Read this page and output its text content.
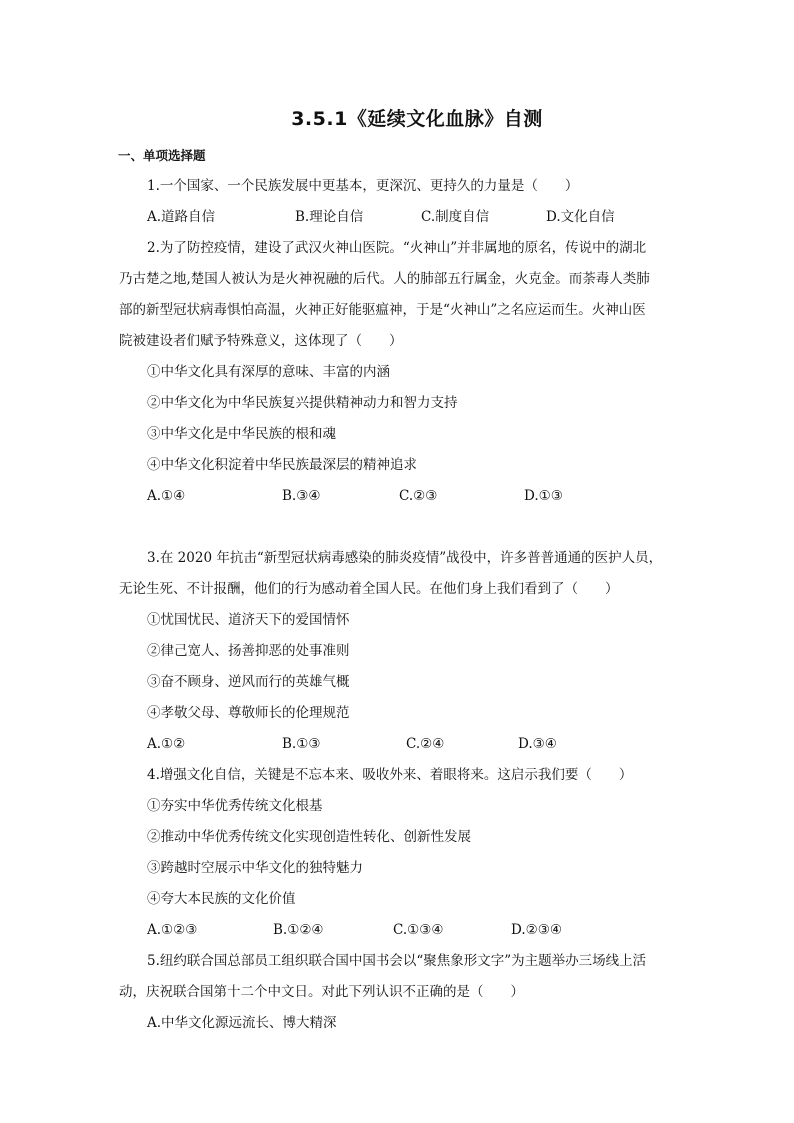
3.5.1《延续文化血脉》自测
一、单项选择题
1.一个国家、一个民族发展中更基本，更深沉、更持久的力量是（　　）
A.道路自信	B.理论自信	C.制度自信	D.文化自信
2.为了防控疫情，建设了武汉火神山医院。“火神山”并非属地的原名，传说中的湖北
乃古楚之地,楚国人被认为是火神祝融的后代。人的肺部五行属金，火克金。而荼毒人类肺
部的新型冠状病毒惧怕高温，火神正好能驱瘟神，于是“火神山”之名应运而生。火神山医
院被建设者们赋予特殊意义，这体现了（　　）
①中华文化具有深厚的意味、丰富的内涵
②中华文化为中华民族复兴提供精神动力和智力支持
③中华文化是中华民族的根和魂
④中华文化积淀着中华民族最深层的精神追求
A.①④	B.③④	C.②③	D.①③
3.在 2020 年抗击“新型冠状病毒感染的肺炎疫情”战役中，许多普普通通的医护人员，
无论生死、不计报酬，他们的行为感动着全国人民。在他们身上我们看到了（　　）
①忧国忧民、道济天下的爱国情怀
②律己宽人、扬善抑恶的处事准则
③奋不顾身、逆风而行的英雄气概
④孝敬父母、尊敬师长的伦理规范
A.①②	B.①③	C.②④	D.③④
4.增强文化自信，关键是不忘本来、吸收外来、着眼将来。这启示我们要（　　）
①夯实中华优秀传统文化根基
②推动中华优秀传统文化实现创造性转化、创新性发展
③跨越时空展示中华文化的独特魅力
④夸大本民族的文化价值
A.①②③	B.①②④	C.①③④	D.②③④
5.纽约联合国总部员工组织联合国中国书会以“聚焦象形文字”为主题举办三场线上活
动，庆祝联合国第十二个中文日。对此下列认识不正确的是（　　）
A.中华文化源远流长、博大精深
